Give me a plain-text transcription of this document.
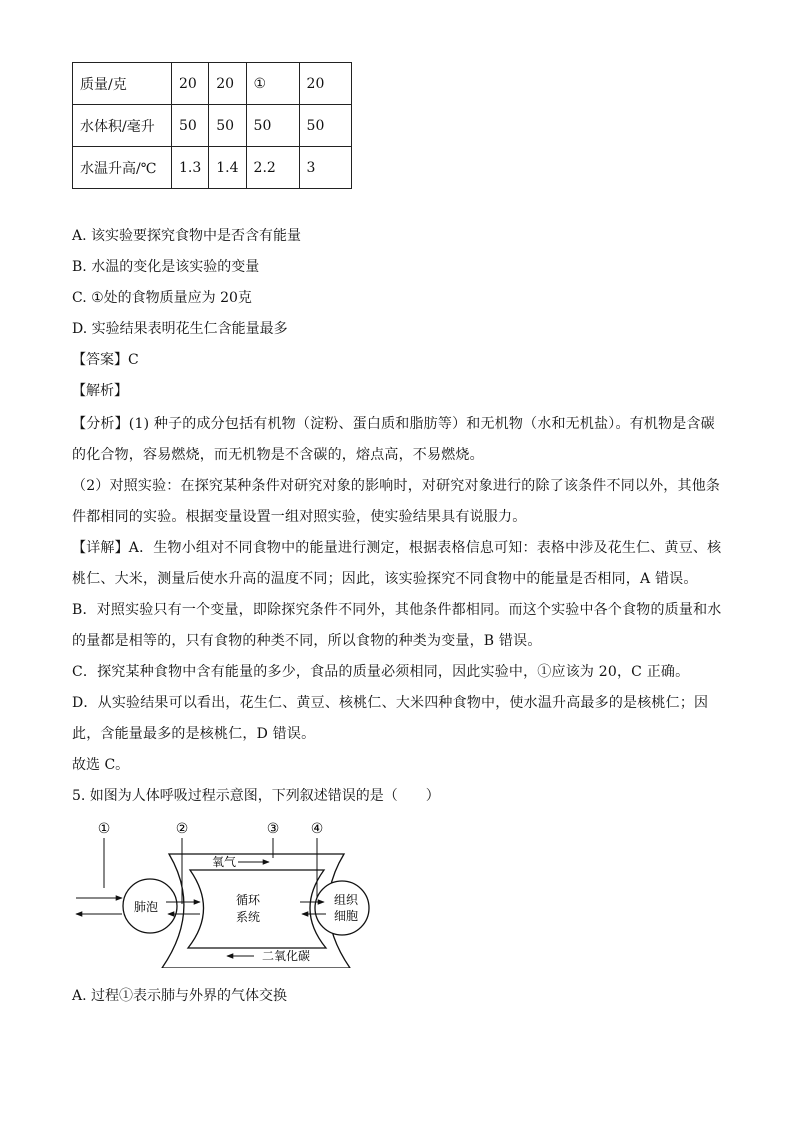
质量/克	20	20	①	20
水体积/毫升	50	50	50	50
水温升高/℃	1.3	1.4	2.2	3
A. 该实验要探究食物中是否含有能量
B. 水温的变化是该实验的变量
C. ①处的食物质量应为 20克
D. 实验结果表明花生仁含能量最多
【答案】C
【解析】
【分析】(1) 种子的成分包括有机物（淀粉、蛋白质和脂肪等）和无机物（水和无机盐）。有机物是含碳
的化合物，容易燃烧，而无机物是不含碳的，熔点高，不易燃烧。
（2）对照实验：在探究某种条件对研究对象的影响时，对研究对象进行的除了该条件不同以外，其他条
件都相同的实验。根据变量设置一组对照实验，使实验结果具有说服力。
【详解】A．生物小组对不同食物中的能量进行测定，根据表格信息可知：表格中涉及花生仁、黄豆、核
桃仁、大米，测量后使水升高的温度不同；因此，该实验探究不同食物中的能量是否相同，A 错误。
B．对照实验只有一个变量，即除探究条件不同外，其他条件都相同。而这个实验中各个食物的质量和水
的量都是相等的，只有食物的种类不同，所以食物的种类为变量，B 错误。
C．探究某种食物中含有能量的多少，食品的质量必须相同，因此实验中，①应该为 20，C 正确。
D．从实验结果可以看出，花生仁、黄豆、核桃仁、大米四种食物中，使水温升高最多的是核桃仁；因
此，含能量最多的是核桃仁，D 错误。
故选 C。
5. 如图为人体呼吸过程示意图，下列叙述错误的是（　　）
①	②	③ ④
肺泡	组织
细胞
循环
系统
氧气
二氧化碳
A. 过程①表示肺与外界的气体交换
